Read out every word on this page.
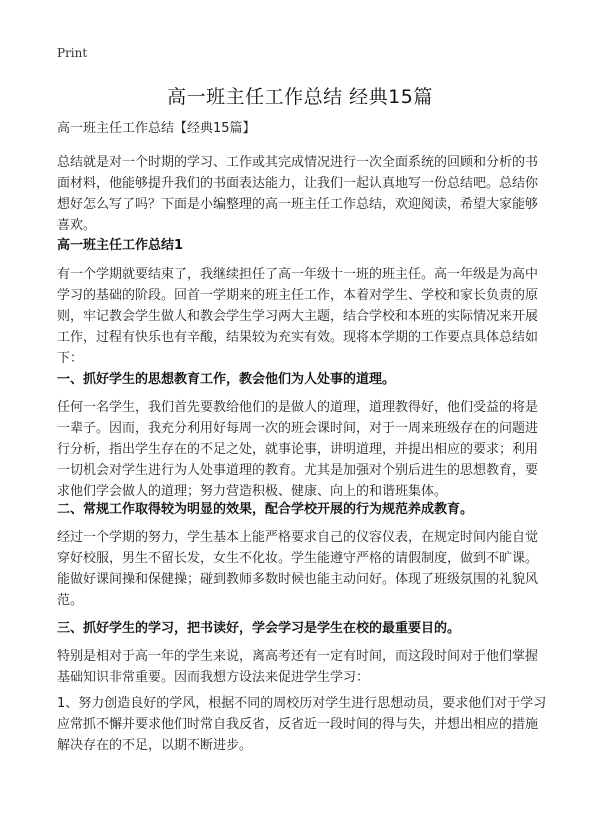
Print
高一班主任工作总结 经典15篇

高一班主任工作总结【经典15篇】

总结就是对一个时期的学习、工作或其完成情况进行一次全面系统的回顾和分析的书面材料，他能够提升我们的书面表达能力，让我们一起认真地写一份总结吧。总结你想好怎么写了吗？下面是小编整理的高一班主任工作总结，欢迎阅读，希望大家能够喜欢。

高一班主任工作总结1

有一个学期就要结束了，我继续担任了高一年级十一班的班主任。高一年级是为高中学习的基础的阶段。回首一学期来的班主任工作，本着对学生、学校和家长负责的原则，牢记教会学生做人和教会学生学习两大主题，结合学校和本班的实际情况来开展工作，过程有快乐也有辛酸，结果较为充实有效。现将本学期的工作要点具体总结如下：

一、抓好学生的思想教育工作，教会他们为人处事的道理。

任何一名学生，我们首先要教给他们的是做人的道理，道理教得好，他们受益的将是一辈子。因而，我充分利用好每周一次的班会课时间，对于一周来班级存在的问题进行分析，指出学生存在的不足之处，就事论事，讲明道理，并提出相应的要求；利用一切机会对学生进行为人处事道理的教育。尤其是加强对个别后进生的思想教育，要求他们学会做人的道理；努力营造积极、健康、向上的和谐班集体。

二、常规工作取得较为明显的效果，配合学校开展的行为规范养成教育。

经过一个学期的努力，学生基本上能严格要求自己的仪容仪表，在规定时间内能自觉穿好校服，男生不留长发，女生不化妆。学生能遵守严格的请假制度，做到不旷课。能做好课间操和保健操；碰到教师多数时候也能主动问好。体现了班级氛围的礼貌风范。

三、抓好学生的学习，把书读好，学会学习是学生在校的最重要目的。

特别是相对于高一年的学生来说，离高考还有一定有时间，而这段时间对于他们掌握基础知识非常重要。因而我想方设法来促进学生学习：

1、努力创造良好的学风，根据不同的周校历对学生进行思想动员，要求他们对于学习应常抓不懈并要求他们时常自我反省，反省近一段时间的得与失，并想出相应的措施解决存在的不足，以期不断进步。
